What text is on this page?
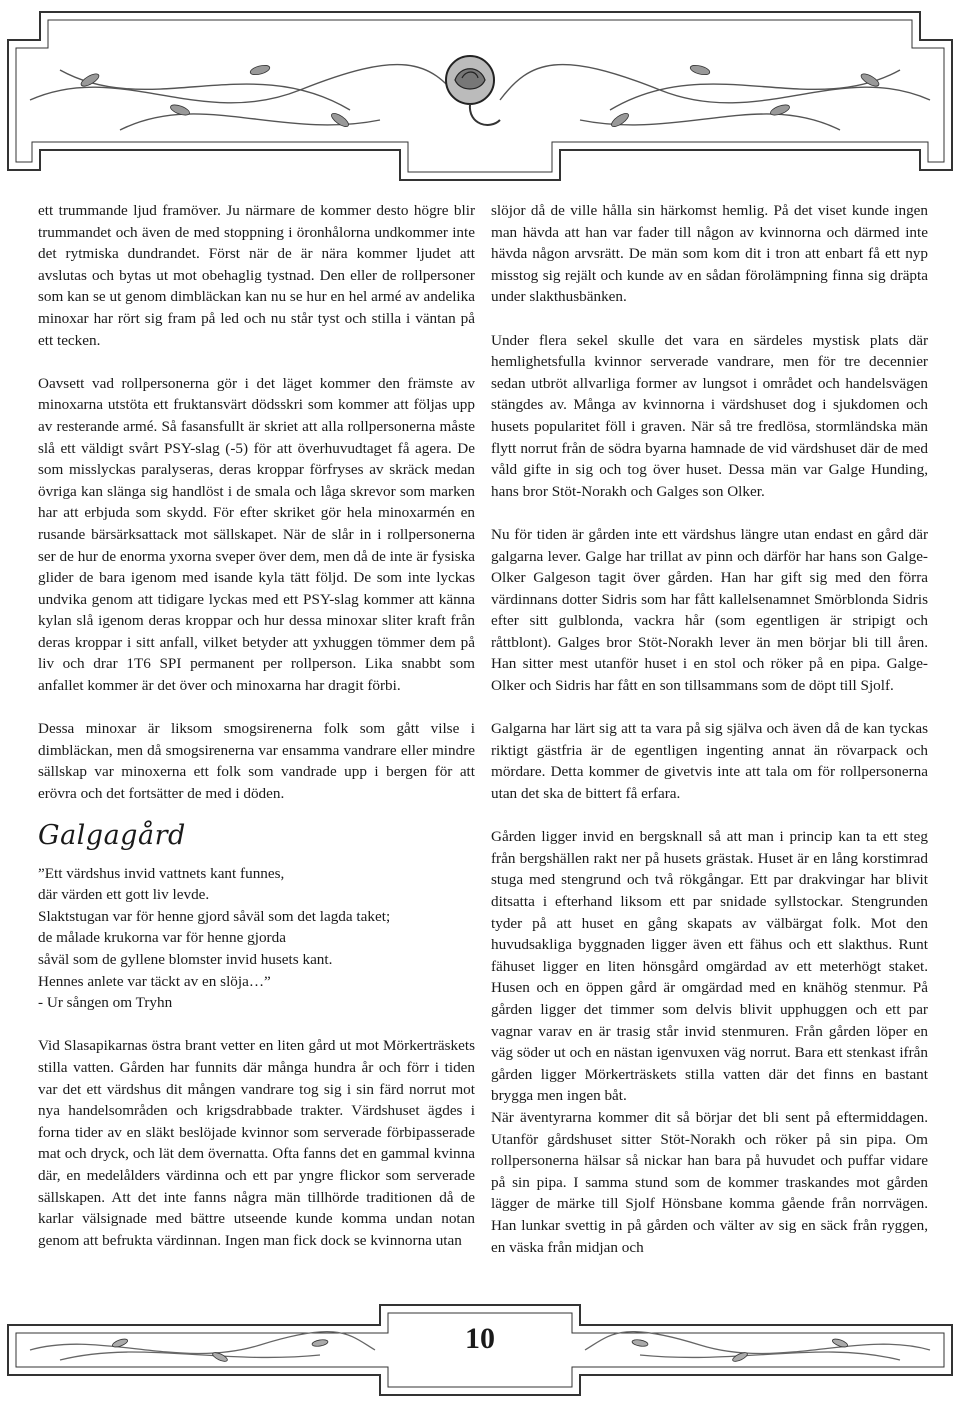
ett trummande ljud framöver. Ju närmare de kommer desto högre blir trummandet och även de med stoppning i öronhålorna undkommer inte det rytmiska dundrandet. Först när de är nära kommer ljudet att avslutas och bytas ut mot obehaglig tystnad. Den eller de rollpersoner som kan se ut genom dimbläckan kan nu se hur en hel armé av andelika minoxar har rört sig fram på led och nu står tyst och stilla i väntan på ett tecken.

Oavsett vad rollpersonerna gör i det läget kommer den främste av minoxarna utstöta ett fruktansvärt dödsskri som kommer att följas upp av resterande armé. Så fasansfullt är skriet att alla rollpersonerna måste slå ett väldigt svårt PSY-slag (-5) för att överhuvudtaget få agera. De som misslyckas paralyseras, deras kroppar förfryses av skräck medan övriga kan slänga sig handlöst i de smala och låga skrevor som marken har att erbjuda som skydd. För efter skriket gör hela minoxarmén en rusande bärsärksattack mot sällskapet. När de slår in i rollpersonerna ser de hur de enorma yxorna sveper över dem, men då de inte är fysiska glider de bara igenom med isande kyla tätt följd. De som inte lyckas undvika genom att tidigare lyckas med ett PSY-slag kommer att känna kylan slå igenom deras kroppar och hur dessa minoxar sliter kraft från deras kroppar i sitt anfall, vilket betyder att yxhuggen tömmer dem på liv och drar 1T6 SPI permanent per rollperson. Lika snabbt som anfallet kommer är det över och minoxarna har dragit förbi.

Dessa minoxar är liksom smogsirenerna folk som gått vilse i dimbläckan, men då smogsirenerna var ensamma vandrare eller mindre sällskap var minoxerna ett folk som vandrade upp i bergen för att erövra och det fortsätter de med i döden.

Galgagård
”Ett värdshus invid vattnets kant funnes,
där värden ett gott liv levde.
Slaktstugan var för henne gjord såväl som det lagda taket;
de målade krukorna var för henne gjorda
såväl som de gyllene blomster invid husets kant.
Hennes anlete var täckt av en slöja…”
- Ur sången om Tryhn

Vid Slasapikarnas östra brant vetter en liten gård ut mot Mörkerträskets stilla vatten. Gården har funnits där många hundra år och förr i tiden var det ett värdshus dit mången vandrare tog sig i sin färd norrut mot nya handelsområden och krigsdrabbade trakter. Värdshuset ägdes i forna tider av en släkt beslöjade kvinnor som serverade förbipasserade mat och dryck, och lät dem övernatta. Ofta fanns det en gammal kvinna där, en medelålders värdinna och ett par yngre flickor som serverade sällskapen. Att det inte fanns några män tillhörde traditionen då de karlar välsignade med bättre utseende kunde komma undan notan genom att befrukta värdinnan. Ingen man fick dock se kvinnorna utan

slöjor då de ville hålla sin härkomst hemlig. På det viset kunde ingen man hävda att han var fader till någon av kvinnorna och därmed inte hävda någon arvsrätt. De män som kom dit i tron att enbart få ett nyp misstog sig rejält och kunde av en sådan förolämpning finna sig dräpta under slakthusbänken.

Under flera sekel skulle det vara en särdeles mystisk plats där hemlighetsfulla kvinnor serverade vandrare, men för tre decennier sedan utbröt allvarliga former av lungsot i området och handelsvägen stängdes av. Många av kvinnorna i värdshuset dog i sjukdomen och husets popularitet föll i graven. När så tre fredlösa, stormländska män flytt norrut från de södra byarna hamnade de vid värdshuset där de med våld gifte in sig och tog över huset. Dessa män var Galge Hunding, hans bror Stöt-Norakh och Galges son Olker.

Nu för tiden är gården inte ett värdshus längre utan endast en gård där galgarna lever. Galge har trillat av pinn och därför har hans son Galge-Olker Galgeson tagit över gården. Han har gift sig med den förra värdinnans dotter Sidris som har fått kallelsenamnet Smörblonda Sidris efter sitt gulblonda, vackra hår (som egentligen är stripigt och råttblont). Galges bror Stöt-Norakh lever än men börjar bli till åren. Han sitter mest utanför huset i en stol och röker på en pipa. Galge-Olker och Sidris har fått en son tillsammans som de döpt till Sjolf.

Galgarna har lärt sig att ta vara på sig själva och även då de kan tyckas riktigt gästfria är de egentligen ingenting annat än rövarpack och mördare. Detta kommer de givetvis inte att tala om för rollpersonerna utan det ska de bittert få erfara.

Gården ligger invid en bergsknall så att man i princip kan ta ett steg från bergshällen rakt ner på husets grästak. Huset är en lång korstimrad stuga med stengrund och två rökgångar. Ett par drakvingar har blivit ditsatta i efterhand liksom ett par snidade syllstockar. Stengrunden tyder på att huset en gång skapats av välbärgat folk. Mot den huvudsakliga byggnaden ligger även ett fähus och ett slakthus. Runt fähuset ligger en liten hönsgård omgärdad av ett meterhögt staket. Husen och en öppen gård är omgärdad med en knähög stenmur. På gården ligger det timmer som delvis blivit upphuggen och ett par vagnar varav en är trasig står invid stenmuren. Från gården löper en väg söder ut och en nästan igenvuxen väg norrut. Bara ett stenkast ifrån gården ligger Mörkerträskets stilla vatten där det finns en bastant brygga men ingen båt.

När äventyrarna kommer dit så börjar det bli sent på eftermiddagen. Utanför gårdshuset sitter Stöt-Norakh och röker på sin pipa. Om rollpersonerna hälsar så nickar han bara på huvudet och puffar vidare på sin pipa. I samma stund som de kommer traskandes mot gården lägger de märke till Sjolf Hönsbane komma gående från norrvägen. Han lunkar svettig in på gården och välter av sig en säck från ryggen, en väska från midjan och

10
